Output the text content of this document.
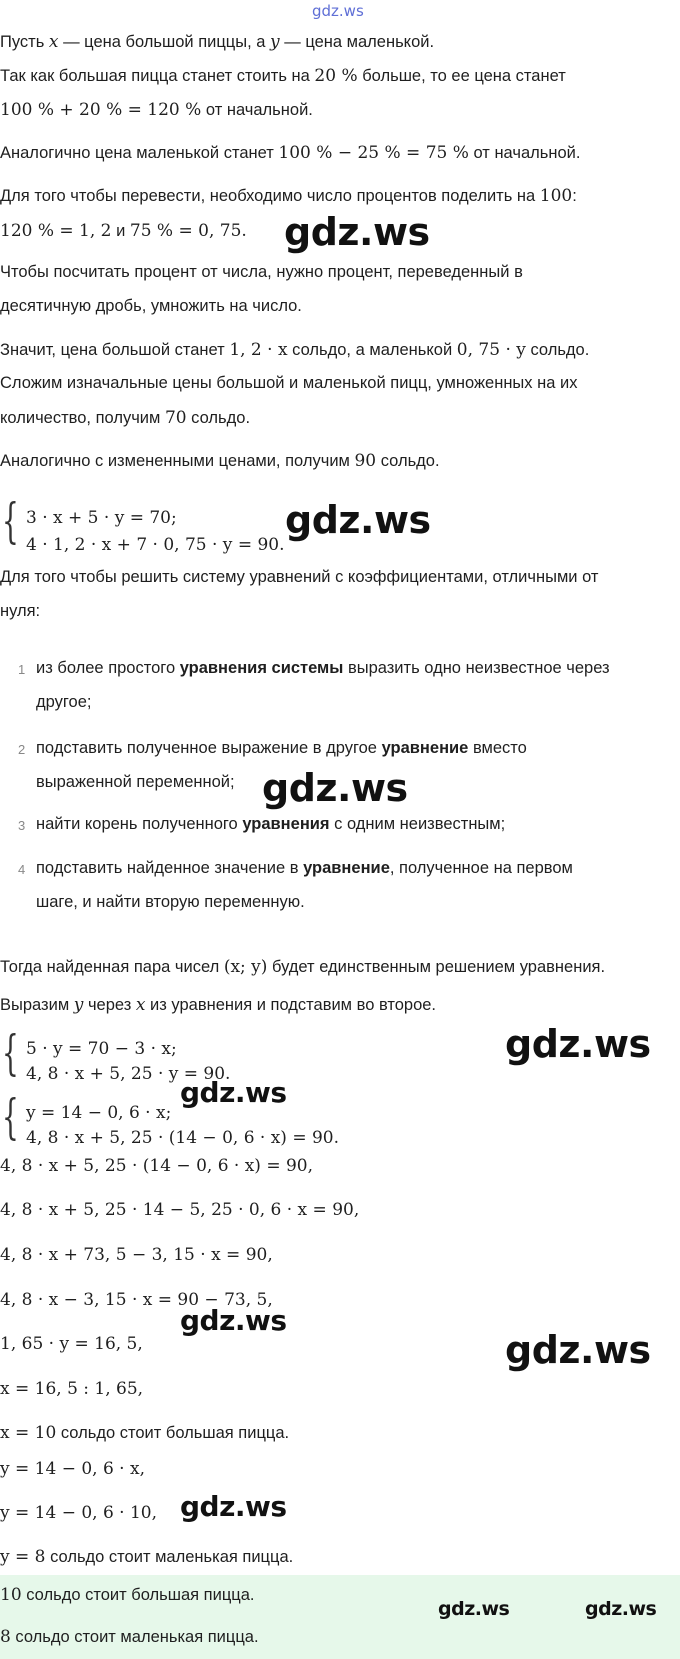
gdz.ws
Пусть x — цена большой пиццы, а y — цена маленькой.
Так как большая пицца станет стоить на 20 % больше, то ее цена станет
100 % + 20 % = 120 % от начальной.
Аналогично цена маленькой станет 100 % − 25 % = 75 % от начальной.
Для того чтобы перевести, необходимо число процентов поделить на 100:
120 % = 1, 2 и 75 % = 0, 75. gdz.ws
Чтобы посчитать процент от числа, нужно процент, переведенный в
десятичную дробь, умножить на число.
Значит, цена большой станет 1, 2 · x сольдо, а маленькой 0, 75 · y сольдо.
Сложим изначальные цены большой и маленькой пицц, умноженных на их
количество, получим 70 сольдо.
Аналогично с измененными ценами, получим 90 сольдо.
{ 3 · x + 5 · y = 70;
4 · 1, 2 · x + 7 · 0, 75 · y = 90.
gdz.ws
Для того чтобы решить систему уравнений с коэффициентами, отличными от
нуля:
1 из более простого уравнения системы выразить одно неизвестное через
другое;
2 подставить полученное выражение в другое уравнение вместо
выраженной переменной; gdz.ws
3 найти корень полученного уравнения с одним неизвестным;
4 подставить найденное значение в уравнение, полученное на первом
шаге, и найти вторую переменную.
Тогда найденная пара чисел (x; y) будет единственным решением уравнения.
Выразим y через x из уравнения и подставим во второе.
{ 5 · y = 70 − 3 · x;
4, 8 · x + 5, 25 · y = 90.
gdz.ws
gdz.ws
{ y = 14 − 0, 6 · x;
4, 8 · x + 5, 25 · (14 − 0, 6 · x) = 90.
4, 8 · x + 5, 25 · (14 − 0, 6 · x) = 90,
4, 8 · x + 5, 25 · 14 − 5, 25 · 0, 6 · x = 90,
4, 8 · x + 73, 5 − 3, 15 · x = 90,
4, 8 · x − 3, 15 · x = 90 − 73, 5,
gdz.ws
1, 65 · y = 16, 5,	gdz.ws
x = 16, 5 : 1, 65,
x = 10 сольдо стоит большая пицца.
y = 14 − 0, 6 · x,
y = 14 − 0, 6 · 10, gdz.ws
y = 8 сольдо стоит маленькая пицца.
10 сольдо стоит большая пицца.
8 сольдо стоит маленькая пицца.
gdz.ws	gdz.ws
